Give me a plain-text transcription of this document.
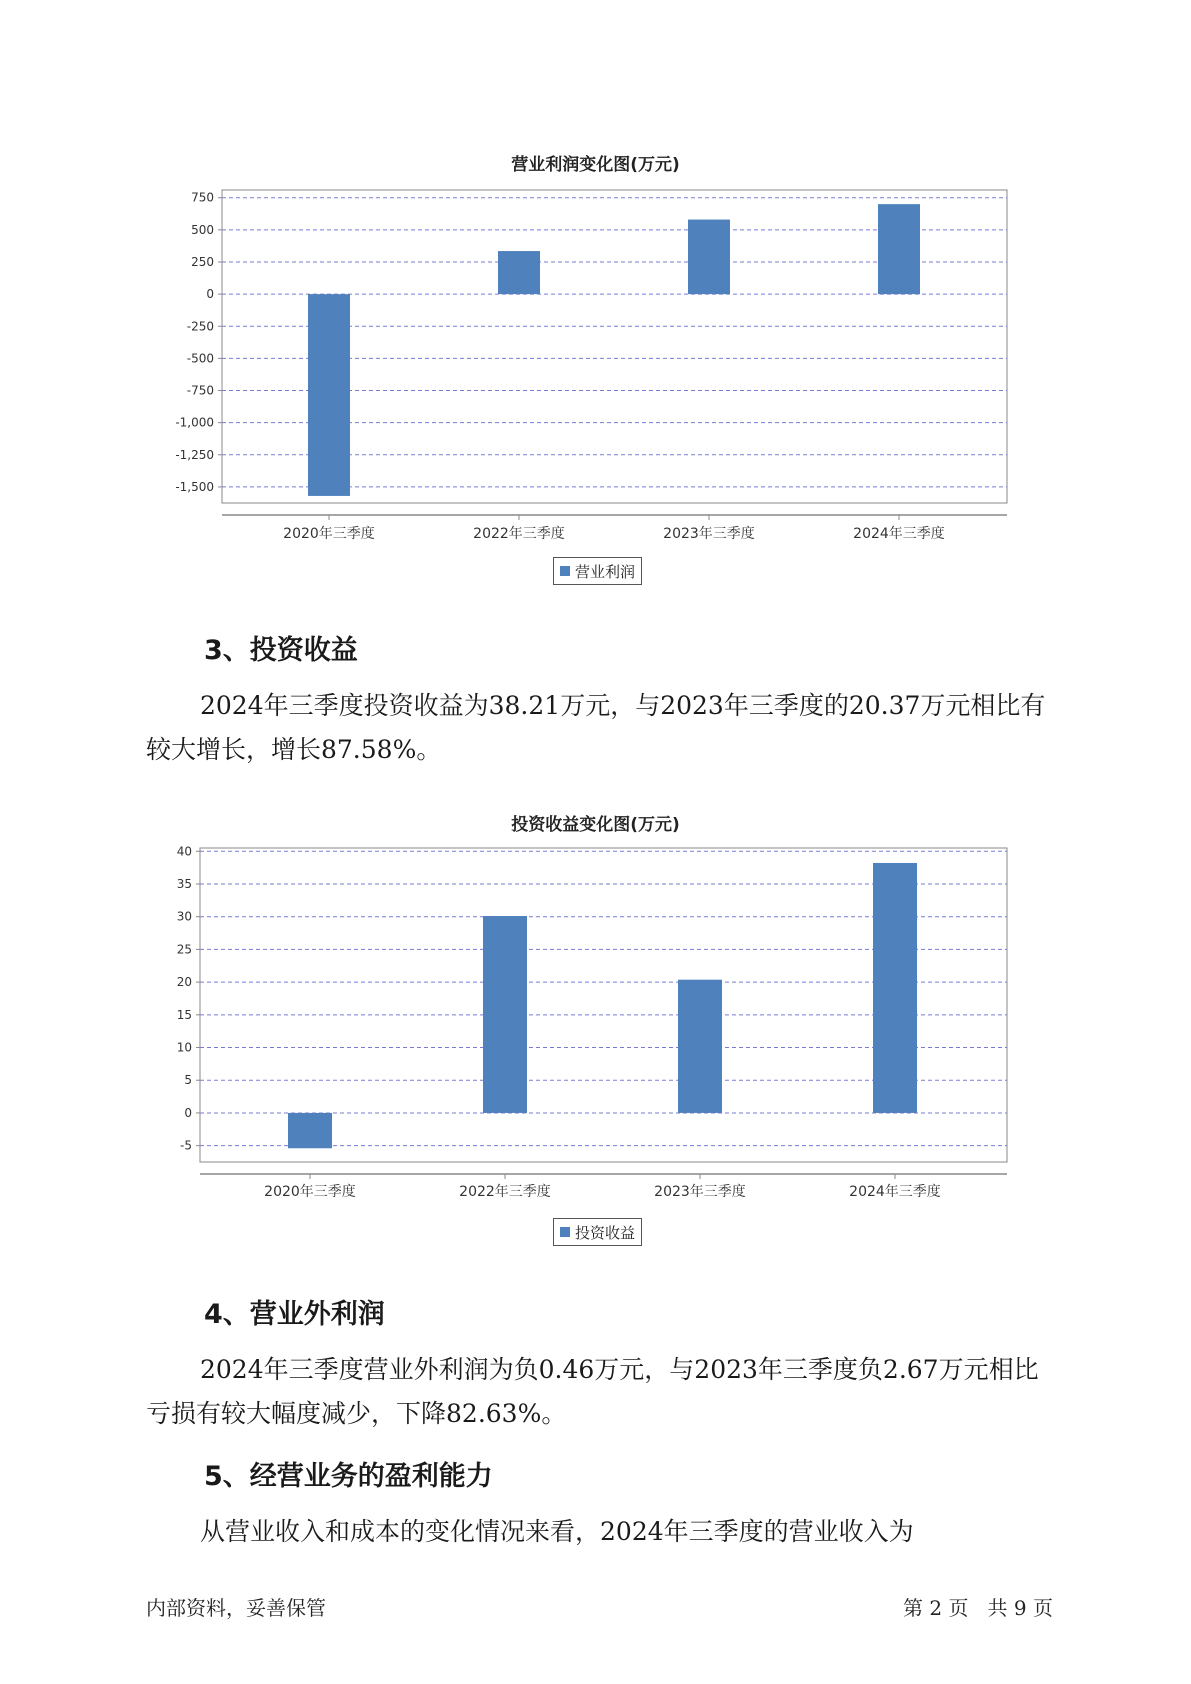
营业利润变化图(万元)
750
500
250
0
-250
-500
-750
-1,000
-1,250
-1,500
2020年三季度	2022年三季度	2023年三季度	2024年三季度
营业利润
3、投资收益

2024年三季度投资收益为38.21万元，与2023年三季度的20.37万元相比有较大增长，增长87.58%。

投资收益变化图(万元)
40
35
30
25
20
15
10
5
0
-5
2020年三季度	2022年三季度	2023年三季度	2024年三季度
投资收益
4、营业外利润

2024年三季度营业外利润为负0.46万元，与2023年三季度负2.67万元相比亏损有较大幅度减少，下降82.63%。

5、经营业务的盈利能力

从营业收入和成本的变化情况来看，2024年三季度的营业收入为

内部资料，妥善保管	第 2 页   共 9 页
